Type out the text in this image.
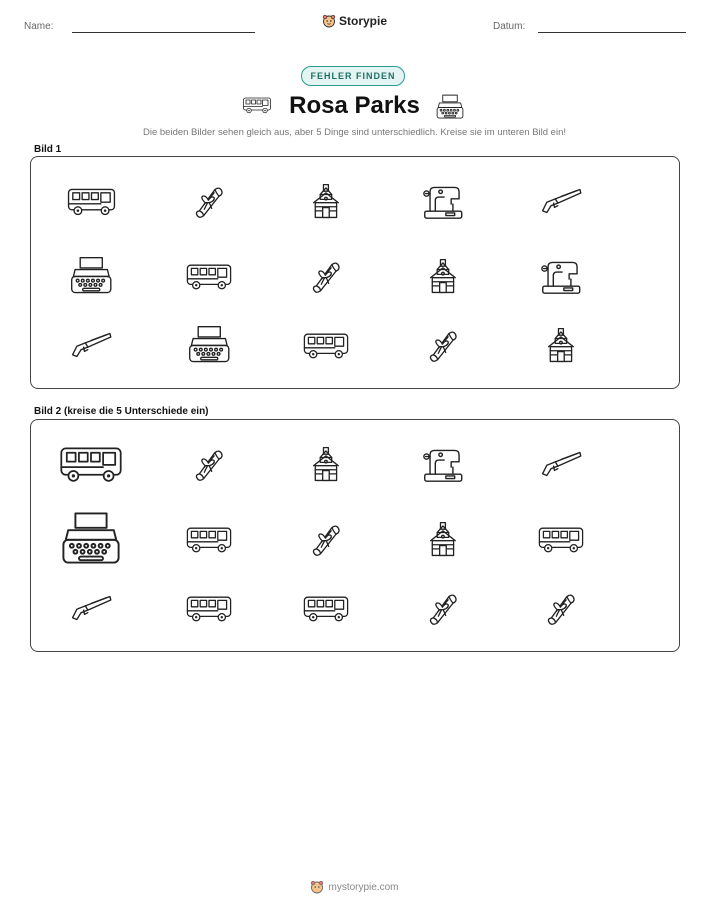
Name:	Storypie	Datum:
FEHLER FINDEN
Rosa Parks
Die beiden Bilder sehen gleich aus, aber 5 Dinge sind unterschiedlich. Kreise sie im unteren Bild ein!
Bild 1
Bild 2 (kreise die 5 Unterschiede ein)
mystorypie.com
